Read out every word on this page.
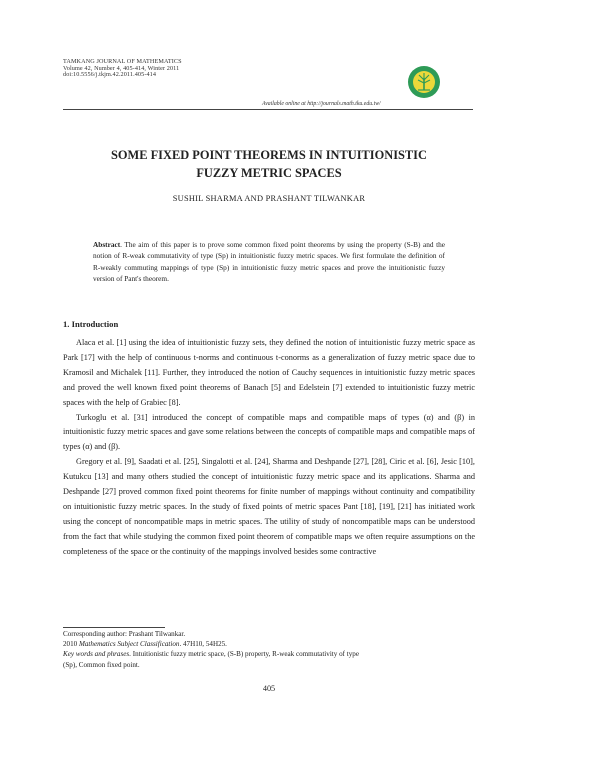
TAMKANG JOURNAL OF MATHEMATICS
Volume 42, Number 4, 405-414, Winter 2011
doi:10.5556/j.tkjm.42.2011.405-414
Available online at http://journals.math.tku.edu.tw/
SOME FIXED POINT THEOREMS IN INTUITIONISTIC
FUZZY METRIC SPACES
SUSHIL SHARMA AND PRASHANT TILWANKAR
Abstract. The aim of this paper is to prove some common fixed point theorems by using the property (S-B) and the notion of R-weak commutativity of type (Sp) in intuitionistic fuzzy metric spaces. We first formulate the definition of R-weakly commuting mappings of type (Sp) in intuitionistic fuzzy metric spaces and prove the intuitionistic fuzzy version of Pant's theorem.
1. Introduction

Alaca et al. [1] using the idea of intuitionistic fuzzy sets, they defined the notion of intuitionistic fuzzy metric space as Park [17] with the help of continuous t-norms and continuous t-conorms as a generalization of fuzzy metric space due to Kramosil and Michalek [11]. Further, they introduced the notion of Cauchy sequences in intuitionistic fuzzy metric spaces and proved the well known fixed point theorems of Banach [5] and Edelstein [7] extended to intuitionistic fuzzy metric spaces with the help of Grabiec [8].

Turkoglu et al. [31] introduced the concept of compatible maps and compatible maps of types (α) and (β) in intuitionistic fuzzy metric spaces and gave some relations between the concepts of compatible maps and compatible maps of types (α) and (β).

Gregory et al. [9], Saadati et al. [25], Singalotti et al. [24], Sharma and Deshpande [27], [28], Ciric et al. [6], Jesic [10], Kutukcu [13] and many others studied the concept of intuitionistic fuzzy metric space and its applications. Sharma and Deshpande [27] proved common fixed point theorems for finite number of mappings without continuity and compatibility on intuitionistic fuzzy metric spaces. In the study of fixed points of metric spaces Pant [18], [19], [21] has initiated work using the concept of noncompatible maps in metric spaces. The utility of study of noncompatible maps can be understood from the fact that while studying the common fixed point theorem of compatible maps we often require assumptions on the completeness of the space or the continuity of the mappings involved besides some contractive

Corresponding author: Prashant Tilwankar.
2010 Mathematics Subject Classification. 47H10, 54H25.
Key words and phrases. Intuitionistic fuzzy metric space, (S-B) property, R-weak commutativity of type
(Sp), Common fixed point.
405
